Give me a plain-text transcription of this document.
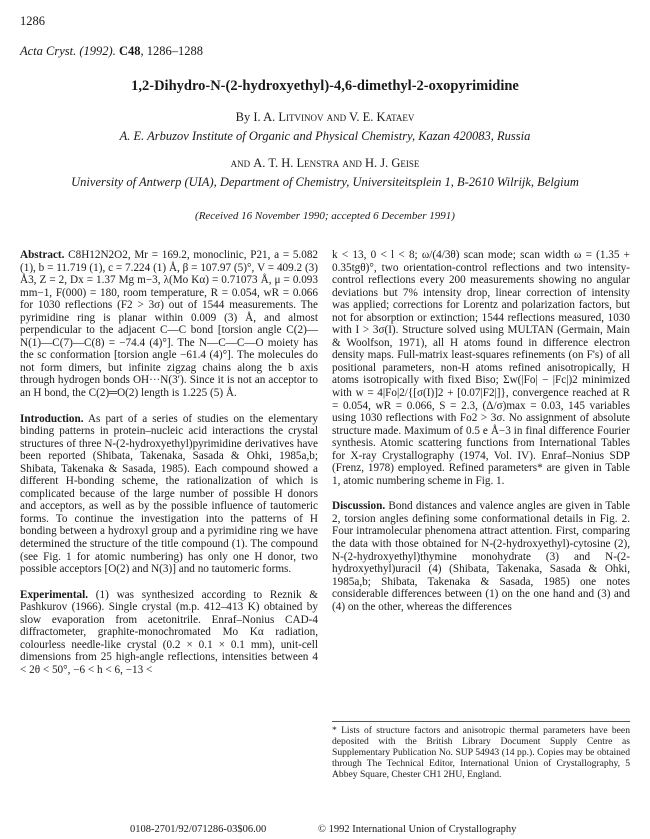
1286
Acta Cryst. (1992). C48, 1286–1288
1,2-Dihydro-N-(2-hydroxyethyl)-4,6-dimethyl-2-oxopyrimidine
By I. A. Litvinov and V. E. Kataev
A. E. Arbuzov Institute of Organic and Physical Chemistry, Kazan 420083, Russia
and A. T. H. Lenstra and H. J. Geise
University of Antwerp (UIA), Department of Chemistry, Universiteitsplein 1, B-2610 Wilrijk, Belgium
(Received 16 November 1990; accepted 6 December 1991)

Abstract. C8H12N2O2, Mr = 169.2, monoclinic, P21, a = 5.082 (1), b = 11.719 (1), c = 7.224 (1) Å, β = 107.97 (5)°, V = 409.2 (3) Å3, Z = 2, Dx = 1.37 Mg m−3, λ(Mo Kα) = 0.71073 Å, μ = 0.093 mm−1, F(000) = 180, room temperature, R = 0.054, wR = 0.066 for 1030 reflections (F2 > 3σ) out of 1544 measurements. The pyrimidine ring is planar within 0.009 (3) Å, and almost perpendicular to the adjacent C—C bond [torsion angle C(2)—N(1)—C(7)—C(8) = −74.4 (4)°]. The N—C—C—O moiety has the sc conformation [torsion angle −61.4 (4)°]. The molecules do not form dimers, but infinite zigzag chains along the b axis through hydrogen bonds OH···N(3′). Since it is not an acceptor to an H bond, the C(2)═O(2) length is 1.225 (5) Å.

Introduction. As part of a series of studies on the elementary binding patterns in protein–nucleic acid interactions the crystal structures of three N-(2-hydroxyethyl)pyrimidine derivatives have been reported (Shibata, Takenaka, Sasada & Ohki, 1985a,b; Shibata, Takenaka & Sasada, 1985). Each compound showed a different H-bonding scheme, the rationalization of which is complicated because of the large number of possible H donors and acceptors, as well as by the possible influence of tautomeric forms. To continue the investigation into the patterns of H bonding between a hydroxyl group and a pyrimidine ring we have determined the structure of the title compound (1). The compound (see Fig. 1 for atomic numbering) has only one H donor, two possible acceptors [O(2) and N(3)] and no tautomeric forms.

Experimental. (1) was synthesized according to Reznik & Pashkurov (1966). Single crystal (m.p. 412–413 K) obtained by slow evaporation from acetonitrile. Enraf–Nonius CAD-4 diffractometer, graphite-monochromated Mo Kα radiation, colourless needle-like crystal (0.2 × 0.1 × 0.1 mm), unit-cell dimensions from 25 high-angle reflections, intensities between 4 < 2θ < 50°, −6 < h < 6, −13 <

k < 13, 0 < l < 8; ω/(4/3θ) scan mode; scan width ω = (1.35 + 0.35tgθ)°, two orientation-control reflections and two intensity-control reflections every 200 measurements showing no angular deviations but 7% intensity drop, linear correction of intensity was applied; corrections for Lorentz and polarization factors, but not for absorption or extinction; 1544 reflections measured, 1030 with I > 3σ(I). Structure solved using MULTAN (Germain, Main & Woolfson, 1971), all H atoms found in difference electron density maps. Full-matrix least-squares refinements (on F's) of all positional parameters, non-H atoms refined anisotropically, H atoms isotropically with fixed Biso; Σw(|Fo| − |Fc|)2 minimized with w = 4|Fo|2/{[σ(I)]2 + [0.07|F2|]}, convergence reached at R = 0.054, wR = 0.066, S = 2.3, (Δ/σ)max = 0.03, 145 variables using 1030 reflections with Fo2 > 3σ. No assignment of absolute structure made. Maximum of 0.5 e Å−3 in final difference Fourier synthesis. Atomic scattering functions from International Tables for X-ray Crystallography (1974, Vol. IV). Enraf–Nonius SDP (Frenz, 1978) employed. Refined parameters* are given in Table 1, atomic numbering scheme in Fig. 1.

Discussion. Bond distances and valence angles are given in Table 2, torsion angles defining some conformational details in Fig. 2. Four intramolecular phenomena attract attention. First, comparing the data with those obtained for N-(2-hydroxyethyl)-cytosine (2), N-(2-hydroxyethyl)thymine monohydrate (3) and N-(2-hydroxyethyl)uracil (4) (Shibata, Takenaka, Sasada & Ohki, 1985a,b; Shibata, Takenaka & Sasada, 1985) one notes considerable differences between (1) on the one hand and (3) and (4) on the other, whereas the differences

* Lists of structure factors and anisotropic thermal parameters have been deposited with the British Library Document Supply Centre as Supplementary Publication No. SUP 54943 (14 pp.). Copies may be obtained through The Technical Editor, International Union of Crystallography, 5 Abbey Square, Chester CH1 2HU, England.
0108-2701/92/071286-03$06.00	© 1992 International Union of Crystallography
